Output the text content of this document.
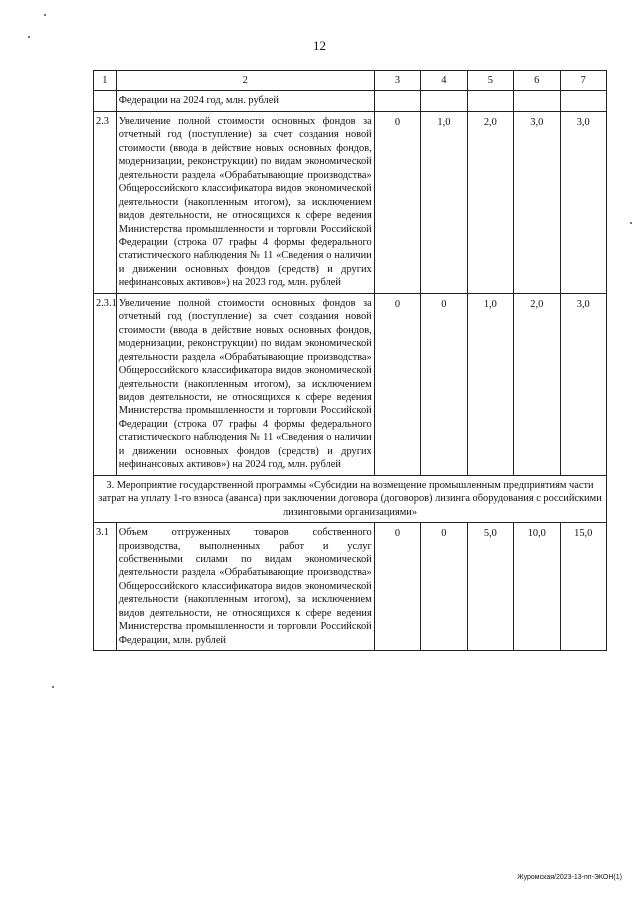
12
1	2	3	4	5	6	7
	Федерации на 2024 год, млн. рублей					
2.3	Увеличение полной стоимости основных фондов за отчетный год (поступление) за счет создания новой стоимости (ввода в действие новых основных фондов, модернизации, реконструкции) по видам экономической деятельности раздела «Обрабатывающие производства» Общероссийского классификатора видов экономической деятельности (накопленным итогом), за исключением видов деятельности, не относящихся к сфере ведения Министерства промышленности и торговли Российской Федерации (строка 07 графы 4 формы федерального статистического наблюдения № 11 «Сведения о наличии и движении основных фондов (средств) и других нефинансовых активов») на 2023 год, млн. рублей	0	1,0	2,0	3,0	3,0
2.3.1	Увеличение полной стоимости основных фондов за отчетный год (поступление) за счет создания новой стоимости (ввода в действие новых основных фондов, модернизации, реконструкции) по видам экономической деятельности раздела «Обрабатывающие производства» Общероссийского классификатора видов экономической деятельности (накопленным итогом), за исключением видов деятельности, не относящихся к сфере ведения Министерства промышленности и торговли Российской Федерации (строка 07 графы 4 формы федерального статистического наблюдения № 11 «Сведения о наличии и движении основных фондов (средств) и других нефинансовых активов») на 2024 год, млн. рублей	0	0	1,0	2,0	3,0
3. Мероприятие государственной программы «Субсидии на возмещение промышленным предприятиям части затрат на уплату 1-го взноса (аванса) при заключении договора (договоров) лизинга оборудования с российскими лизинговыми организациями»						
3.1	Объем отгруженных товаров собственного производства, выполненных работ и услуг собственными силами по видам экономической деятельности раздела «Обрабатывающие производства» Общероссийского классификатора видов экономической деятельности (накопленным итогом), за исключением видов деятельности, не относящихся к сфере ведения Министерства промышленности и торговли Российской Федерации, млн. рублей	0	0	5,0	10,0	15,0
Журомская/2023-13-пп-ЭКОН(1)
